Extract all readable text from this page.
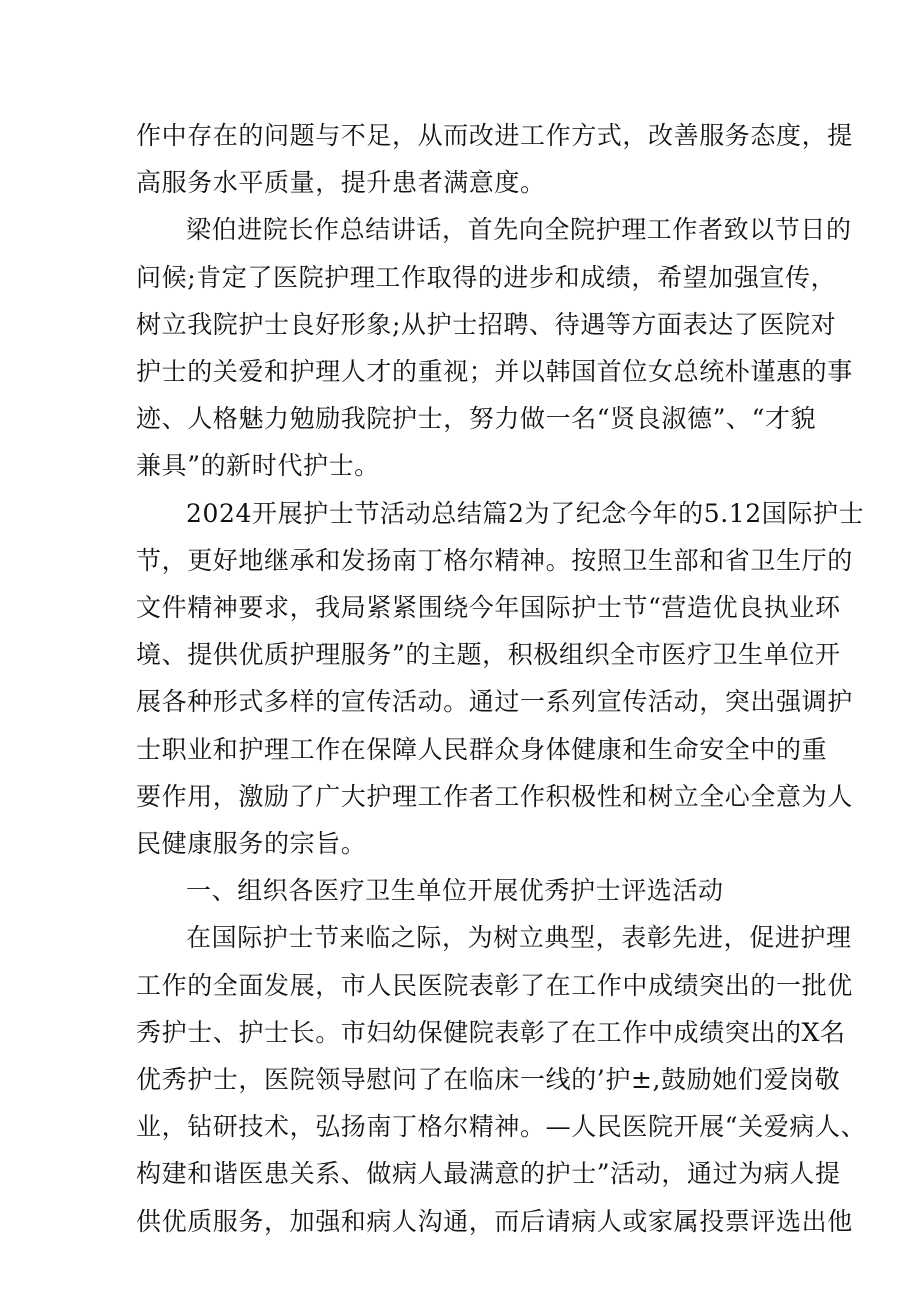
作中存在的问题与不足，从而改进工作方式，改善服务态度，提
高服务水平质量，提升患者满意度。

梁伯进院长作总结讲话，首先向全院护理工作者致以节日的
问候;肯定了医院护理工作取得的进步和成绩，希望加强宣传，
树立我院护士良好形象;从护士招聘、待遇等方面表达了医院对
护士的关爱和护理人才的重视；并以韩国首位女总统朴谨惠的事
迹、人格魅力勉励我院护士，努力做一名“贤良淑德”、“才貌
兼具”的新时代护士。

2024开展护士节活动总结篇2为了纪念今年的5.12国际护士
节，更好地继承和发扬南丁格尔精神。按照卫生部和省卫生厅的
文件精神要求，我局紧紧围绕今年国际护士节“营造优良执业环
境、提供优质护理服务”的主题，积极组织全市医疗卫生单位开
展各种形式多样的宣传活动。通过一系列宣传活动，突出强调护
士职业和护理工作在保障人民群众身体健康和生命安全中的重
要作用，激励了广大护理工作者工作积极性和树立全心全意为人
民健康服务的宗旨。

一、组织各医疗卫生单位开展优秀护士评选活动

在国际护士节来临之际，为树立典型，表彰先进，促进护理
工作的全面发展，市人民医院表彰了在工作中成绩突出的一批优
秀护士、护士长。市妇幼保健院表彰了在工作中成绩突出的X名
优秀护士，医院领导慰问了在临床一线的’护±,鼓励她们爱岗敬
业，钻研技术，弘扬南丁格尔精神。—人民医院开展“关爱病人、
构建和谐医患关系、做病人最满意的护士”活动，通过为病人提
供优质服务，加强和病人沟通，而后请病人或家属投票评选出他
